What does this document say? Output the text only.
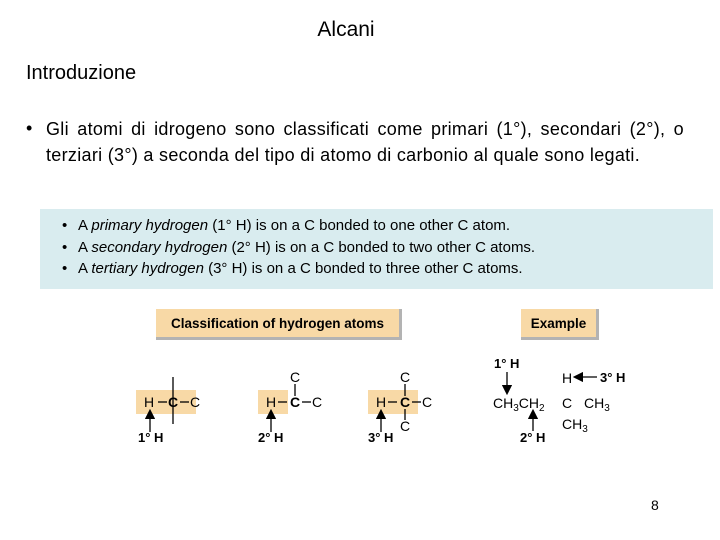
Alcani
Introduzione
• Gli atomi di idrogeno sono classificati come primari (1°), secondari (2°), o terziari (3°) a seconda del tipo di atomo di carbonio al quale sono legati.
• A primary hydrogen (1° H) is on a C bonded to one other C atom.
• A secondary hydrogen (2° H) is on a C bonded to two other C atoms.
• A tertiary hydrogen (3° H) is on a C bonded to three other C atoms.
Classification of hydrogen atoms	Example
H C C
1° H
C
H C C
2° H
C
H C C
C
3° H
1° H
$CH_3CH_2$
H 3° H
C $CH_3$
$CH_3$
2° H
8
